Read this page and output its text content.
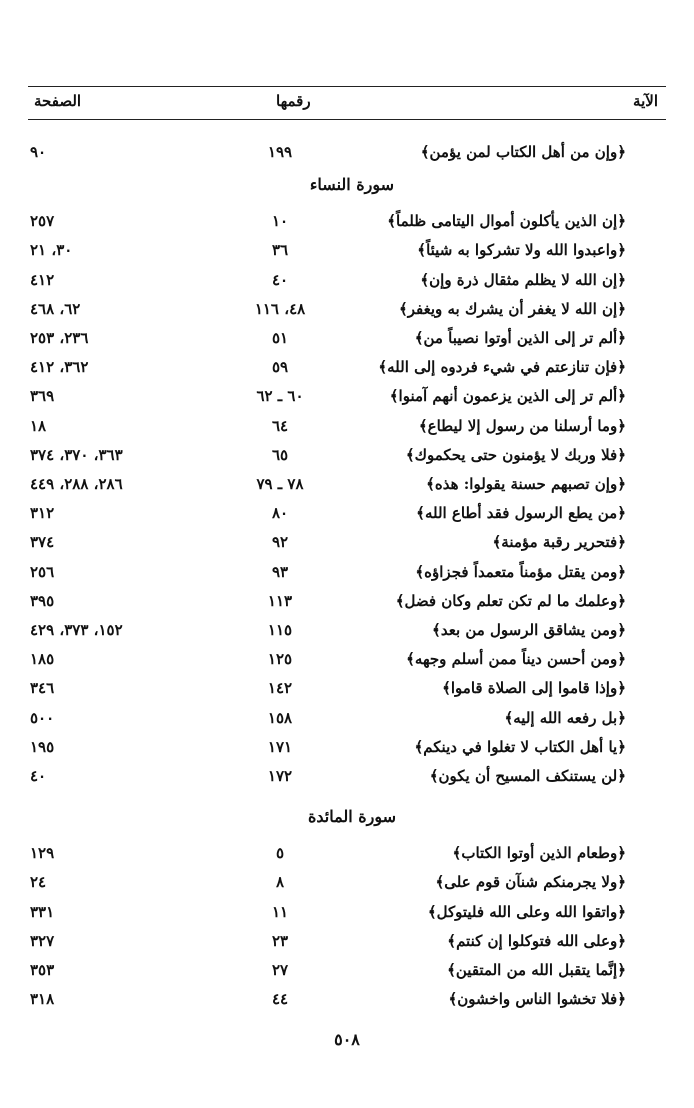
الآية
رقمها
الصفحة
﴿وإن من أهل الكتاب لمن يؤمن﴾
١٩٩
٩٠
سورة النساء
﴿إن الذين يأكلون أموال اليتامى ظلماً﴾
١٠
٢٥٧
﴿واعبدوا الله ولا تشركوا به شيئاً﴾
٣٦
٣٠، ٢١
﴿إن الله لا يظلم مثقال ذرة وإن﴾
٤٠
٤١٢
﴿إن الله لا يغفر أن يشرك به ويغفر﴾
٤٨، ١١٦
٦٢، ٤٦٨
﴿ألم تر إلى الذين أوتوا نصيباً من﴾
٥١
٢٣٦، ٢٥٣
﴿فإن تنازعتم في شيء فردوه إلى الله﴾
٥٩
٣٦٢، ٤١٢
﴿ألم تر إلى الذين يزعمون أنهم آمنوا﴾
٦٠ ـ ٦٢
٣٦٩
﴿وما أرسلنا من رسول إلا ليطاع﴾
٦٤
١٨
﴿فلا وربك لا يؤمنون حتى يحكموك﴾
٦٥
٣٦٣، ٣٧٠، ٣٧٤
﴿وإن تصبهم حسنة يقولوا: هذه﴾
٧٨ ـ ٧٩
٢٨٦، ٢٨٨، ٤٤٩
﴿من يطع الرسول فقد أطاع الله﴾
٨٠
٣١٢
﴿فتحرير رقبة مؤمنة﴾
٩٢
٣٧٤
﴿ومن يقتل مؤمناً متعمداً فجزاؤه﴾
٩٣
٢٥٦
﴿وعلمك ما لم تكن تعلم وكان فضل﴾
١١٣
٣٩٥
﴿ومن يشاقق الرسول من بعد﴾
١١٥
١٥٢، ٣٧٣، ٤٢٩
﴿ومن أحسن ديناً ممن أسلم وجهه﴾
١٢٥
١٨٥
﴿وإذا قاموا إلى الصلاة قاموا﴾
١٤٢
٣٤٦
﴿بل رفعه الله إليه﴾
١٥٨
٥٠٠
﴿يا أهل الكتاب لا تغلوا في دينكم﴾
١٧١
١٩٥
﴿لن يستنكف المسيح أن يكون﴾
١٧٢
٤٠
سورة المائدة
﴿وطعام الذين أوتوا الكتاب﴾
٥
١٢٩
﴿ولا يجرمنكم شنآن قوم على﴾
٨
٢٤
﴿واتقوا الله وعلى الله فليتوكل﴾
١١
٣٣١
﴿وعلى الله فتوكلوا إن كنتم﴾
٢٣
٣٢٧
﴿إنَّما يتقبل الله من المتقين﴾
٢٧
٣٥٣
﴿فلا تخشوا الناس واخشون﴾
٤٤
٣١٨
٥٠٨
